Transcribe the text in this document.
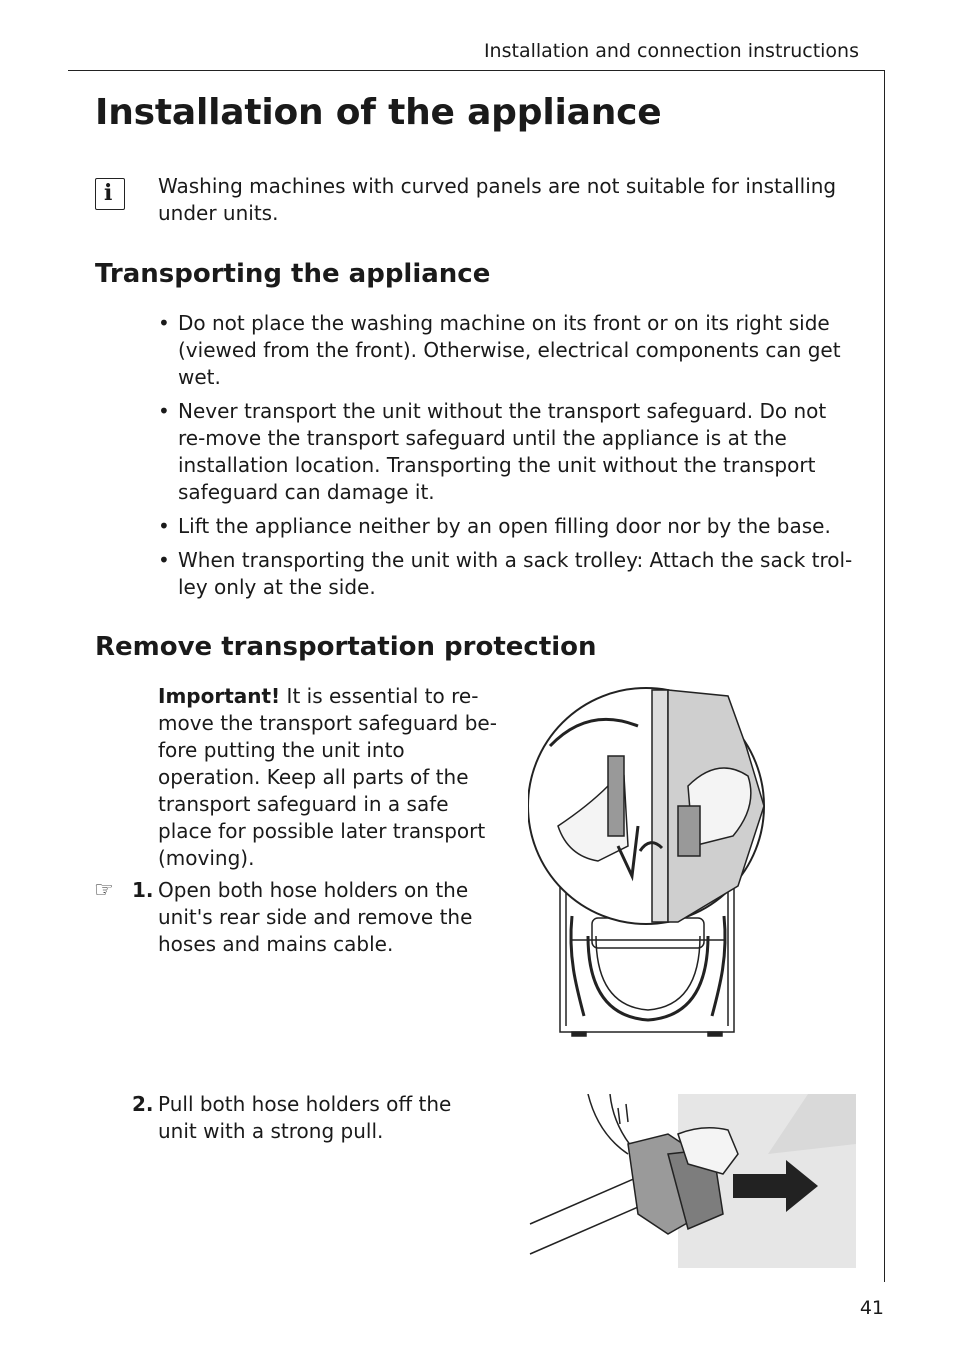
Installation and connection instructions
Installation of the appliance
i Washing machines with curved panels are not suitable for installing under units.
Transporting the appliance
• Do not place the washing machine on its front or on its right side (viewed from the front). Otherwise, electrical components can get wet.
• Never transport the unit without the transport safeguard. Do not re-move the transport safeguard until the appliance is at the installation location. Transporting the unit without the transport safeguard can damage it.
• Lift the appliance neither by an open filling door nor by the base.
• When transporting the unit with a sack trolley: Attach the sack trol-ley only at the side.
Remove transportation protection
Important! It is essential to re-move the transport safeguard be-fore putting the unit into operation. Keep all parts of the transport safeguard in a safe place for possible later transport (moving).
☞ 1. Open both hose holders on the unit's rear side and remove the hoses and mains cable.
2. Pull both hose holders off the unit with a strong pull.
41
